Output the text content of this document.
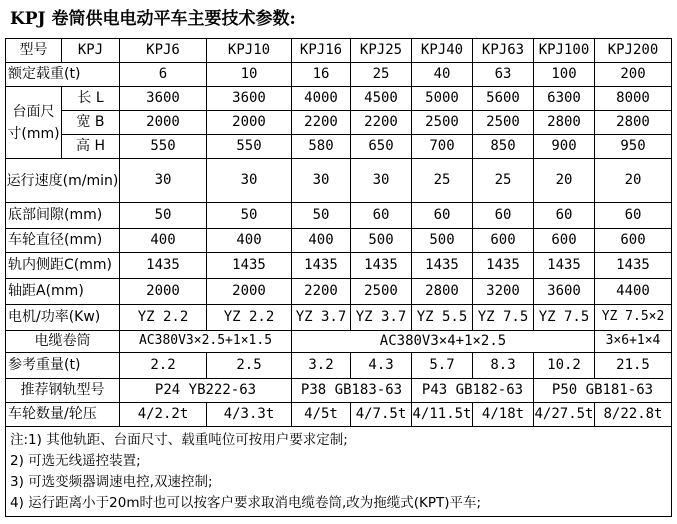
KPJ 卷筒供电电动平车主要技术参数:
型号	KPJ	KPJ6	KPJ10	KPJ16	KPJ25	KPJ40	KPJ63	KPJ100	KPJ200
额定载重(t)		6	10	16	25	40	63	100	200
台面尺寸(mm)	长 L	3600	3600	4000	4500	5000	5600	6300	8000
	宽 B	2000	2000	2200	2200	2500	2500	2800	2800
	高 H	550	550	580	650	700	850	900	950
运行速度(m/min)		30	30	30	30	25	25	20	20
底部间隙(mm)		50	50	50	60	60	60	60	60
车轮直径(mm)		400	400	400	500	500	600	600	600
轨内侧距C(mm)		1435	1435	1435	1435	1435	1435	1435	1435
轴距A(mm)		2000	2000	2200	2500	2800	3200	3600	4400
电机/功率(Kw)		YZ 2.2	YZ 2.2	YZ 3.7	YZ 3.7	YZ 5.5	YZ 7.5	YZ 7.5	YZ 7.5×2
电缆卷筒		AC380V3×2.5+1×1.5		AC380V3×4+1×2.5					3×6+1×4
参考重量(t)		2.2	2.5	3.2	4.3	5.7	8.3	10.2	21.5
推荐钢轨型号		P24 YB222-63		P38 GB183-63		P43 GB182-63		P50 GB181-63	
车轮数量/轮压		4/2.2t	4/3.3t	4/5t	4/7.5t	4/11.5t	4/18t	4/27.5t	8/22.8t

注:1) 其他轨距、台面尺寸、载重吨位可按用户要求定制;
2) 可选无线遥控装置;
3) 可选变频器调速电控,双速控制;
4) 运行距离小于20m时也可以按客户要求取消电缆卷筒,改为拖缆式(KPT)平车;									
